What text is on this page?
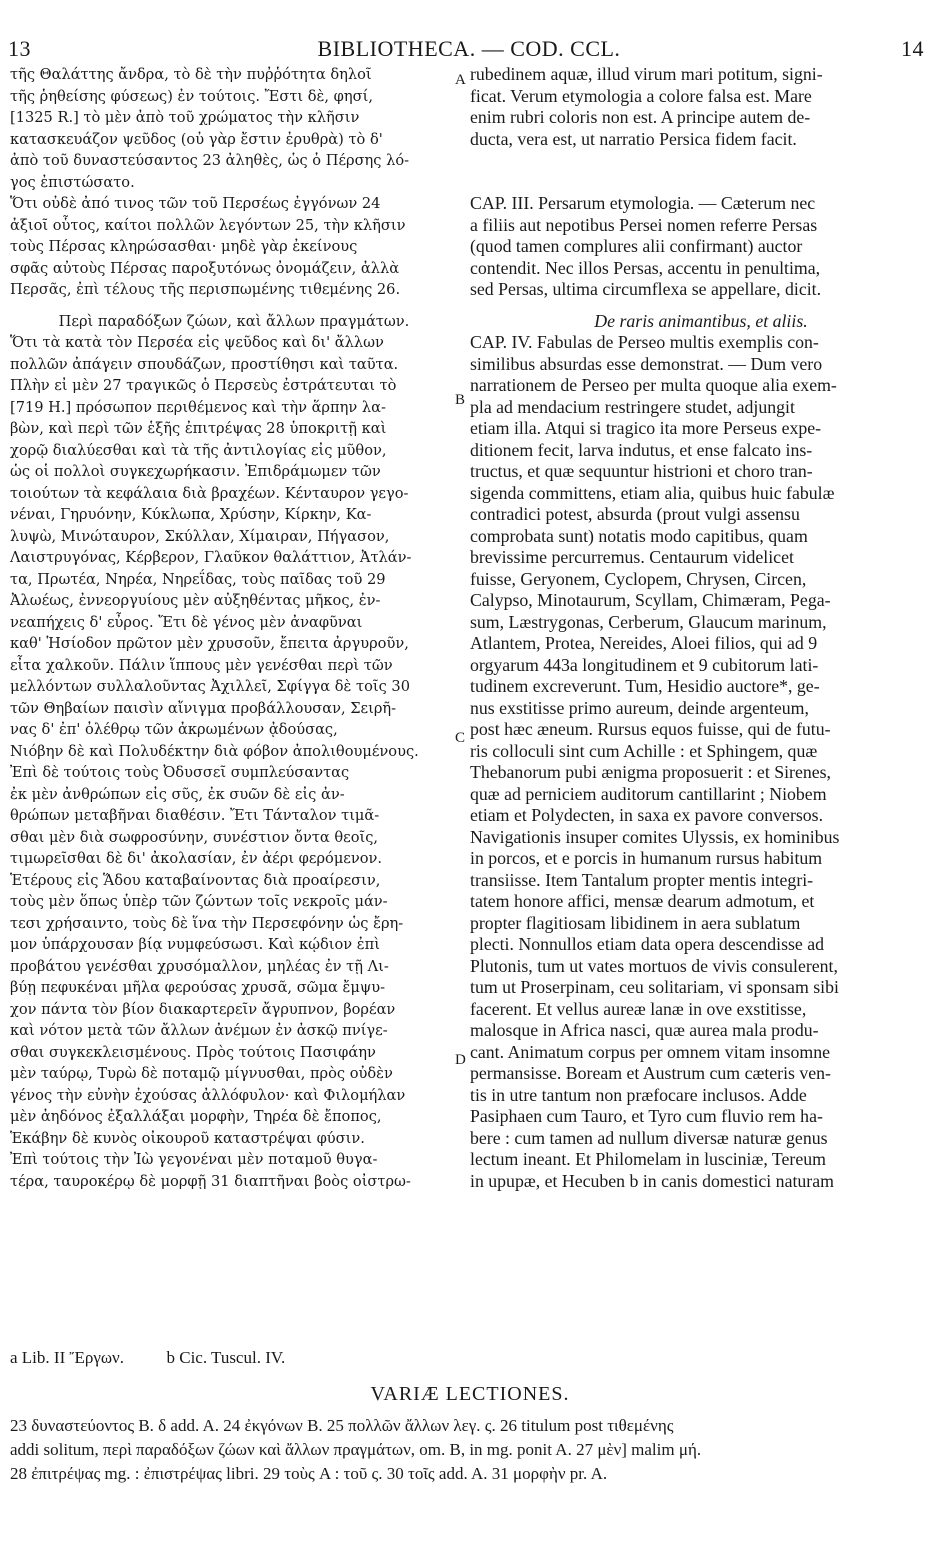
13	BIBLIOTHECA. — COD. CCL.	14
τῆς Θαλάττης ἄνδρα, τὸ δὲ τὴν πυῤῥότητα δηλοῖ
τῆς ῥηθείσης φύσεως) ἐν τούτοις. Ἔστι δὲ, φησί,
[1325 R.] τὸ μὲν ἀπὸ τοῦ χρώματος τὴν κλῆσιν
κατασκευάζον ψεῦδος (οὐ γὰρ ἔστιν ἐρυθρὰ) τὸ δ'
ἀπὸ τοῦ δυναστεύσαντος 23 ἀληθὲς, ὡς ὁ Πέρσης λό-
γος ἐπιστώσατο.
Ὅτι οὐδὲ ἀπό τινος τῶν τοῦ Περσέως ἐγγόνων 24
ἀξιοῖ οὗτος, καίτοι πολλῶν λεγόντων 25, τὴν κλῆσιν
τοὺς Πέρσας κληρώσασθαι· μηδὲ γὰρ ἐκείνους
σφᾶς αὐτοὺς Πέρσας παροξυτόνως ὀνομάζειν, ἀλλὰ
Περσᾶς, ἐπὶ τέλους τῆς περισπωμένης τιθεμένης 26.
Περὶ παραδόξων ζώων, καὶ ἄλλων πραγμάτων.
Ὅτι τὰ κατὰ τὸν Περσέα εἰς ψεῦδος καὶ δι' ἄλλων
πολλῶν ἀπάγειν σπουδάζων, προστίθησι καὶ ταῦτα.
Πλὴν εἰ μὲν 27 τραγικῶς ὁ Περσεὺς ἐστράτευται τὸ
[719 H.] πρόσωπον περιθέμενος καὶ τὴν ἅρπην λα-
βὼν, καὶ περὶ τῶν ἑξῆς ἐπιτρέψας 28 ὑποκριτῇ καὶ
χορῷ διαλύεσθαι καὶ τὰ τῆς ἀντιλογίας εἰς μῦθον,
ὡς οἱ πολλοὶ συγκεχωρήκασιν. Ἐπιδράμωμεν τῶν
τοιούτων τὰ κεφάλαια διὰ βραχέων. Κένταυρον γεγο-
νέναι, Γηρυόνην, Κύκλωπα, Χρύσην, Κίρκην, Κα-
λυψὼ, Μινώταυρον, Σκύλλαν, Χίμαιραν, Πήγασον,
Λαιστρυγόνας, Κέρβερον, Γλαῦκον θαλάττιον, Ἀτλάν-
τα, Πρωτέα, Νηρέα, Νηρεΐδας, τοὺς παῖδας τοῦ 29
Ἀλωέως, ἐννεοργυίους μὲν αὐξηθέντας μῆκος, ἐν-
νεαπήχεις δ' εὖρος. Ἔτι δὲ γένος μὲν ἀναφῦναι
καθ' Ἡσίοδον πρῶτον μὲν χρυσοῦν, ἔπειτα ἀργυροῦν,
εἶτα χαλκοῦν. Πάλιν ἵππους μὲν γενέσθαι περὶ τῶν
μελλόντων συλλαλοῦντας Ἀχιλλεῖ, Σφίγγα δὲ τοῖς 30
τῶν Θηβαίων παισὶν αἴνιγμα προβάλλουσαν, Σειρῆ-
νας δ' ἐπ' ὀλέθρῳ τῶν ἀκρωμένων ᾀδούσας,
Νιόβην δὲ καὶ Πολυδέκτην διὰ φόβον ἀπολιθουμένους.
Ἐπὶ δὲ τούτοις τοὺς Ὀδυσσεῖ συμπλεύσαντας
ἐκ μὲν ἀνθρώπων εἰς σῦς, ἐκ συῶν δὲ εἰς ἀν-
θρώπων μεταβῆναι διαθέσιν. Ἔτι Τάνταλον τιμᾶ-
σθαι μὲν διὰ σωφροσύνην, συνέστιον ὄντα θεοῖς,
τιμωρεῖσθαι δὲ δι' ἀκολασίαν, ἐν ἀέρι φερόμενον.
Ἑτέρους εἰς Ἅδου καταβαίνοντας διὰ προαίρεσιν,
τοὺς μὲν ὅπως ὑπὲρ τῶν ζώντων τοῖς νεκροῖς μάν-
τεσι χρήσαιντο, τοὺς δὲ ἵνα τὴν Περσεφόνην ὡς ἔρη-
μον ὑπάρχουσαν βίᾳ νυμφεύσωσι. Καὶ κῴδιον ἐπὶ
προβάτου γενέσθαι χρυσόμαλλον, μηλέας ἐν τῇ Λι-
βύῃ πεφυκέναι μῆλα φερούσας χρυσᾶ, σῶμα ἔμψυ-
χον πάντα τὸν βίον διακαρτερεῖν ἄγρυπνον, βορέαν
καὶ νότον μετὰ τῶν ἄλλων ἀνέμων ἐν ἀσκῷ πνίγε-
σθαι συγκεκλεισμένους. Πρὸς τούτοις Πασιφάην
μὲν ταύρῳ, Τυρὼ δὲ ποταμῷ μίγνυσθαι, πρὸς οὐδὲν
γένος τὴν εὐνὴν ἐχούσας ἀλλόφυλον· καὶ Φιλομήλαν
μὲν ἀηδόνος ἐξαλλάξαι μορφὴν, Τηρέα δὲ ἔποπος,
Ἑκάβην δὲ κυνὸς οἰκουροῦ καταστρέψαι φύσιν.
Ἐπὶ τούτοις τὴν Ἰὼ γεγονέναι μὲν ποταμοῦ θυγα-
τέρα, ταυροκέρῳ δὲ μορφῇ 31 διαπτῆναι βοὸς οἰστρω-
A
B
C
D
rubedinem aquæ, illud virum mari potitum, signi-
ficat. Verum etymologia a colore falsa est. Mare
enim rubri coloris non est. A principe autem de-
ducta, vera est, ut narratio Persica fidem facit.
CAP. III. Persarum etymologia. — Cæterum nec
a filiis aut nepotibus Persei nomen referre Persas
(quod tamen complures alii confirmant) auctor
contendit. Nec illos Persas, accentu in penultima,
sed Persas, ultima circumflexa se appellare, dicit.
De raris animantibus, et aliis.
CAP. IV. Fabulas de Perseo multis exemplis con-
similibus absurdas esse demonstrat. — Dum vero
narrationem de Perseo per multa quoque alia exem-
pla ad mendacium restringere studet, adjungit
etiam illa. Atqui si tragico ita more Perseus expe-
ditionem fecit, larva indutus, et ense falcato ins-
tructus, et quæ sequuntur histrioni et choro tran-
sigenda committens, etiam alia, quibus huic fabulæ
contradici potest, absurda (prout vulgi assensu
comprobata sunt) notatis modo capitibus, quam
brevissime percurremus. Centaurum videlicet
fuisse, Geryonem, Cyclopem, Chrysen, Circen,
Calypso, Minotaurum, Scyllam, Chimæram, Pega-
sum, Læstrygonas, Cerberum, Glaucum marinum,
Atlantem, Protea, Nereides, Aloei filios, qui ad 9
orgyarum 443a longitudinem et 9 cubitorum lati-
tudinem excreverunt. Tum, Hesidio auctore*, ge-
nus exstitisse primo aureum, deinde argenteum,
post hæc æneum. Rursus equos fuisse, qui de futu-
ris colloculi sint cum Achille : et Sphingem, quæ
Thebanorum pubi ænigma proposuerit : et Sirenes,
quæ ad perniciem auditorum cantillarint ; Niobem
etiam et Polydecten, in saxa ex pavore conversos.
Navigationis insuper comites Ulyssis, ex hominibus
in porcos, et e porcis in humanum rursus habitum
transiisse. Item Tantalum propter mentis integri-
tatem honore affici, mensæ dearum admotum, et
propter flagitiosam libidinem in aera sublatum
plecti. Nonnullos etiam data opera descendisse ad
Plutonis, tum ut vates mortuos de vivis consulerent,
tum ut Proserpinam, ceu solitariam, vi sponsam sibi
facerent. Et vellus aureæ lanæ in ove exstitisse,
malosque in Africa nasci, quæ aurea mala produ-
cant. Animatum corpus per omnem vitam insomne
permansisse. Boream et Austrum cum cæteris ven-
tis in utre tantum non præfocare inclusos. Adde
Pasiphaen cum Tauro, et Tyro cum fluvio rem ha-
bere : cum tamen ad nullum diversæ naturæ genus
lectum ineant. Et Philomelam in lusciniæ, Tereum
in upupæ, et Hecuben b in canis domestici naturam
a Lib. II Ἔργων.	b Cic. Tuscul. IV.
VARIÆ LECTIONES.
23 δυναστεύοντος B. δ add. A. 24 ἐκγόνων B. 25 πολλῶν ἄλλων λεγ. ς. 26 titulum post τιθεμένης
addi solitum, περὶ παραδόξων ζώων καὶ ἄλλων πραγμάτων, om. B, in mg. ponit A. 27 μὲν] malim μή.
28 ἐπιτρέψας mg. : ἐπιστρέψας libri. 29 τοὺς A : τοῦ ς. 30 τοῖς add. A. 31 μορφὴν pr. A.
